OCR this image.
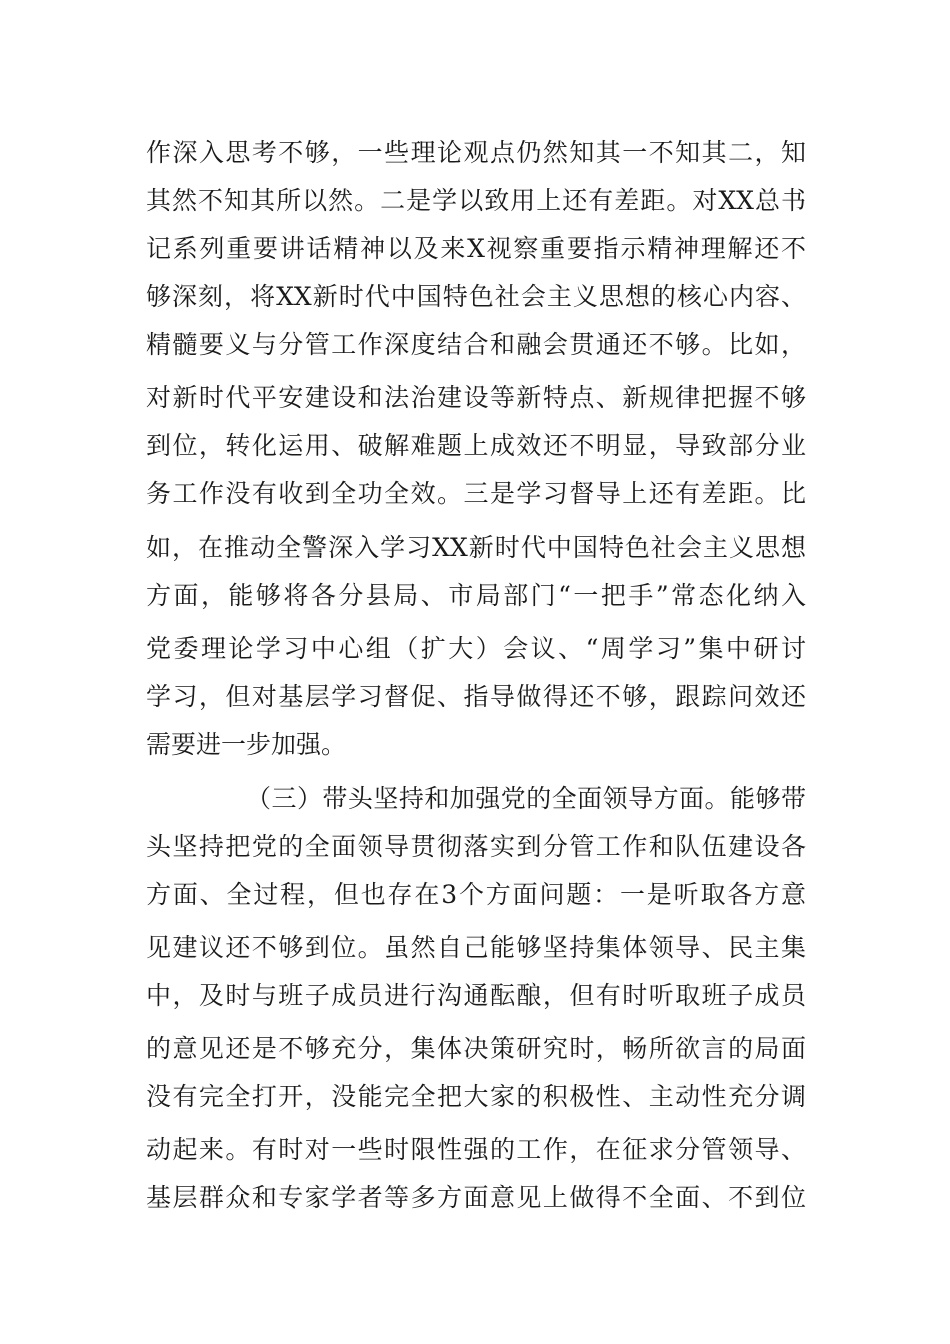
作深入思考不够，一些理论观点仍然知其一不知其二，知
其然不知其所以然。二是学以致用上还有差距。对XX总书
记系列重要讲话精神以及来X视察重要指示精神理解还不
够深刻，将XX新时代中国特色社会主义思想的核心内容、
精髓要义与分管工作深度结合和融会贯通还不够。比如，
对新时代平安建设和法治建设等新特点、新规律把握不够
到位，转化运用、破解难题上成效还不明显，导致部分业
务工作没有收到全功全效。三是学习督导上还有差距。比
如，在推动全警深入学习XX新时代中国特色社会主义思想
方面，能够将各分县局、市局部门“一把手”常态化纳入
党委理论学习中心组（扩大）会议、“周学习”集中研讨
学习，但对基层学习督促、指导做得还不够，跟踪问效还
需要进一步加强。
（三）带头坚持和加强党的全面领导方面。能够带
头坚持把党的全面领导贯彻落实到分管工作和队伍建设各
方面、全过程，但也存在3个方面问题：一是听取各方意
见建议还不够到位。虽然自己能够坚持集体领导、民主集
中，及时与班子成员进行沟通酝酿，但有时听取班子成员
的意见还是不够充分，集体决策研究时，畅所欲言的局面
没有完全打开，没能完全把大家的积极性、主动性充分调
动起来。有时对一些时限性强的工作，在征求分管领导、
基层群众和专家学者等多方面意见上做得不全面、不到位
